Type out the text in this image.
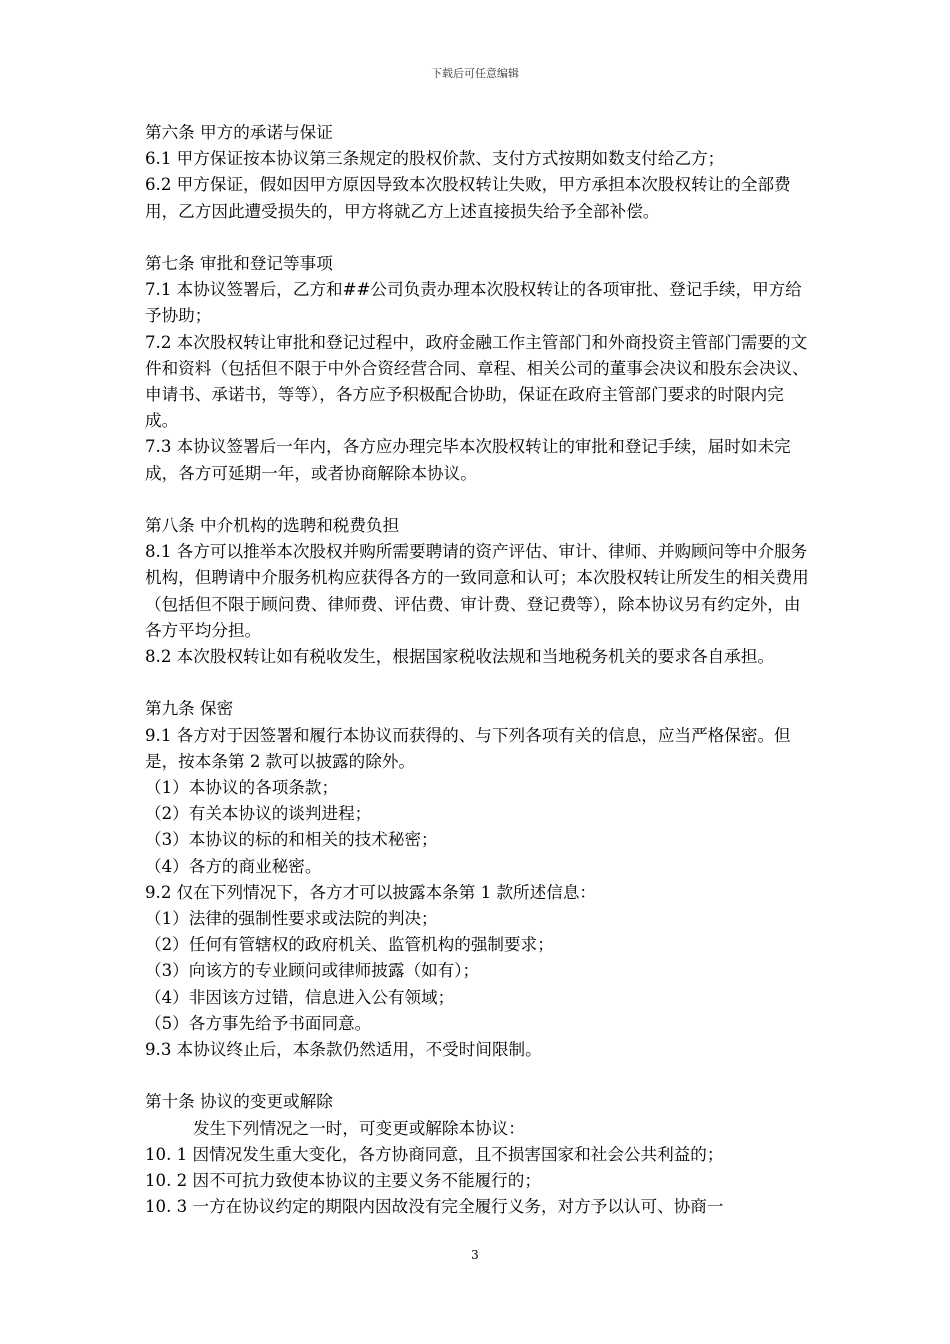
下载后可任意编辑

第六条 甲方的承诺与保证

6.1 甲方保证按本协议第三条规定的股权价款、支付方式按期如数支付给乙方；

6.2 甲方保证，假如因甲方原因导致本次股权转让失败，甲方承担本次股权转让的全部费用，乙方因此遭受损失的，甲方将就乙方上述直接损失给予全部补偿。

第七条 审批和登记等事项

7.1 本协议签署后，乙方和##公司负责办理本次股权转让的各项审批、登记手续，甲方给予协助；

7.2 本次股权转让审批和登记过程中，政府金融工作主管部门和外商投资主管部门需要的文件和资料（包括但不限于中外合资经营合同、章程、相关公司的董事会决议和股东会决议、申请书、承诺书，等等），各方应予积极配合协助，保证在政府主管部门要求的时限内完成。

7.3 本协议签署后一年内，各方应办理完毕本次股权转让的审批和登记手续，届时如未完成，各方可延期一年，或者协商解除本协议。

第八条 中介机构的选聘和税费负担

8.1 各方可以推举本次股权并购所需要聘请的资产评估、审计、律师、并购顾问等中介服务机构，但聘请中介服务机构应获得各方的一致同意和认可；本次股权转让所发生的相关费用（包括但不限于顾问费、律师费、评估费、审计费、登记费等），除本协议另有约定外，由各方平均分担。

8.2 本次股权转让如有税收发生，根据国家税收法规和当地税务机关的要求各自承担。

第九条 保密

9.1 各方对于因签署和履行本协议而获得的、与下列各项有关的信息，应当严格保密。但是，按本条第 2 款可以披露的除外。

（1）本协议的各项条款；

（2）有关本协议的谈判进程；

（3）本协议的标的和相关的技术秘密；

（4）各方的商业秘密。

9.2 仅在下列情况下，各方才可以披露本条第 1 款所述信息：

（1）法律的强制性要求或法院的判决；

（2）任何有管辖权的政府机关、监管机构的强制要求；

（3）向该方的专业顾问或律师披露（如有）；

（4）非因该方过错，信息进入公有领域；

（5）各方事先给予书面同意。

9.3 本协议终止后，本条款仍然适用，不受时间限制。

第十条 协议的变更或解除

发生下列情况之一时，可变更或解除本协议：

10. 1 因情况发生重大变化，各方协商同意，且不损害国家和社会公共利益的；

10. 2 因不可抗力致使本协议的主要义务不能履行的；

10. 3 一方在协议约定的期限内因故没有完全履行义务，对方予以认可、协商一

3
